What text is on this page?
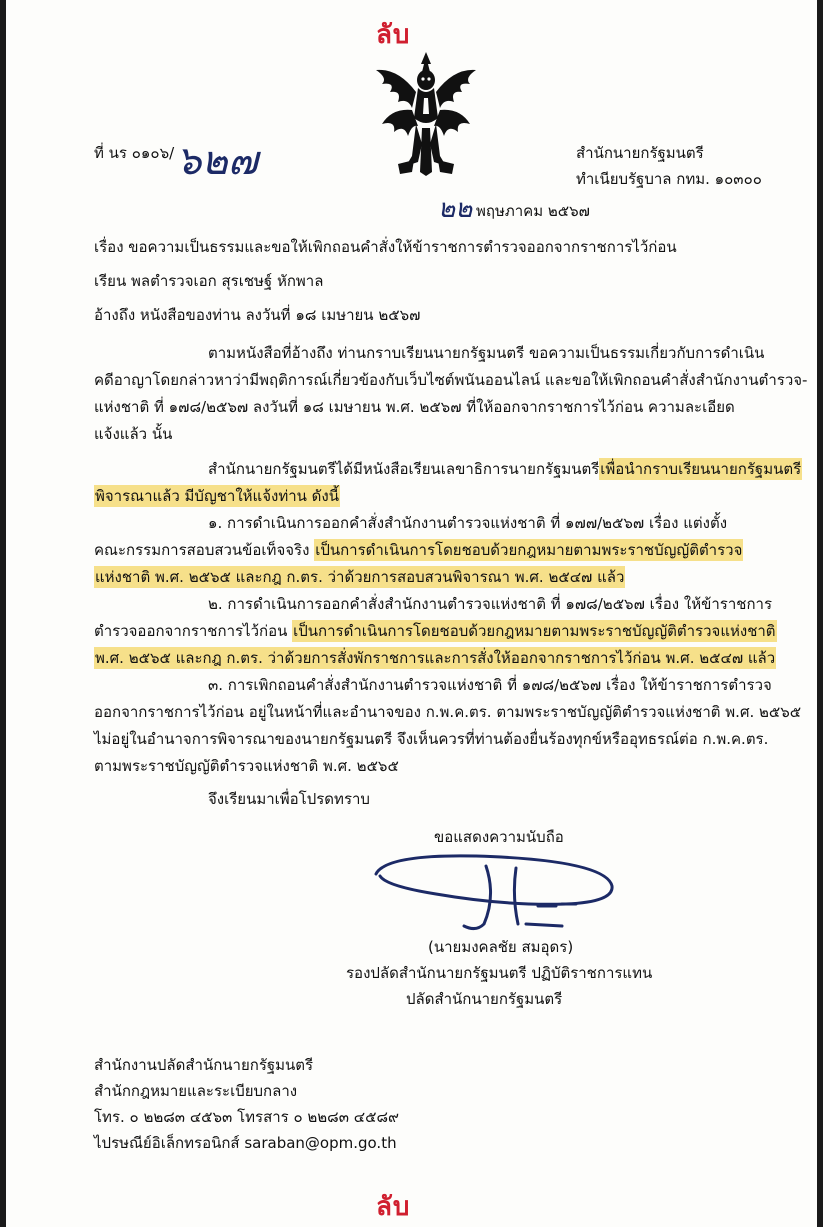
ลับ
ที่ นร ๐๑๐๖/ ๖๒๗	สำนักนายกรัฐมนตรี
ทำเนียบรัฐบาล กทม. ๑๐๓๐๐
๒๒ พฤษภาคม ๒๕๖๗
เรื่อง ขอความเป็นธรรมและขอให้เพิกถอนคำสั่งให้ข้าราชการตำรวจออกจากราชการไว้ก่อน
เรียน พลตำรวจเอก สุรเชษฐ์ หักพาล
อ้างถึง หนังสือของท่าน ลงวันที่ ๑๘ เมษายน ๒๕๖๗
ตามหนังสือที่อ้างถึง ท่านกราบเรียนนายกรัฐมนตรี ขอความเป็นธรรมเกี่ยวกับการดำเนิน
คดีอาญาโดยกล่าวหาว่ามีพฤติการณ์เกี่ยวข้องกับเว็บไซต์พนันออนไลน์ และขอให้เพิกถอนคำสั่งสำนักงานตำรวจ-
แห่งชาติ ที่ ๑๗๘/๒๕๖๗ ลงวันที่ ๑๘ เมษายน พ.ศ. ๒๕๖๗ ที่ให้ออกจากราชการไว้ก่อน ความละเอียด
แจ้งแล้ว นั้น
สำนักนายกรัฐมนตรีได้มีหนังสือเรียนเลขาธิการนายกรัฐมนตรีเพื่อนำกราบเรียนนายกรัฐมนตรี
พิจารณาแล้ว มีบัญชาให้แจ้งท่าน ดังนี้
๑. การดำเนินการออกคำสั่งสำนักงานตำรวจแห่งชาติ ที่ ๑๗๗/๒๕๖๗ เรื่อง แต่งตั้ง
คณะกรรมการสอบสวนข้อเท็จจริง เป็นการดำเนินการโดยชอบด้วยกฎหมายตามพระราชบัญญัติตำรวจ
แห่งชาติ พ.ศ. ๒๕๖๕ และกฎ ก.ตร. ว่าด้วยการสอบสวนพิจารณา พ.ศ. ๒๕๔๗ แล้ว
๒. การดำเนินการออกคำสั่งสำนักงานตำรวจแห่งชาติ ที่ ๑๗๘/๒๕๖๗ เรื่อง ให้ข้าราชการ
ตำรวจออกจากราชการไว้ก่อน เป็นการดำเนินการโดยชอบด้วยกฎหมายตามพระราชบัญญัติตำรวจแห่งชาติ
พ.ศ. ๒๕๖๕ และกฎ ก.ตร. ว่าด้วยการสั่งพักราชการและการสั่งให้ออกจากราชการไว้ก่อน พ.ศ. ๒๕๔๗ แล้ว
๓. การเพิกถอนคำสั่งสำนักงานตำรวจแห่งชาติ ที่ ๑๗๘/๒๕๖๗ เรื่อง ให้ข้าราชการตำรวจ
ออกจากราชการไว้ก่อน อยู่ในหน้าที่และอำนาจของ ก.พ.ค.ตร. ตามพระราชบัญญัติตำรวจแห่งชาติ พ.ศ. ๒๕๖๕
ไม่อยู่ในอำนาจการพิจารณาของนายกรัฐมนตรี จึงเห็นควรที่ท่านต้องยื่นร้องทุกข์หรืออุทธรณ์ต่อ ก.พ.ค.ตร.
ตามพระราชบัญญัติตำรวจแห่งชาติ พ.ศ. ๒๕๖๕
จึงเรียนมาเพื่อโปรดทราบ
ขอแสดงความนับถือ
(นายมงคลชัย สมอุดร)
รองปลัดสำนักนายกรัฐมนตรี ปฏิบัติราชการแทน
ปลัดสำนักนายกรัฐมนตรี
สำนักงานปลัดสำนักนายกรัฐมนตรี
สำนักกฎหมายและระเบียบกลาง
โทร. ๐ ๒๒๘๓ ๔๕๖๓ โทรสาร ๐ ๒๒๘๓ ๔๕๘๙
ไปรษณีย์อิเล็กทรอนิกส์ saraban@opm.go.th
ลับ
